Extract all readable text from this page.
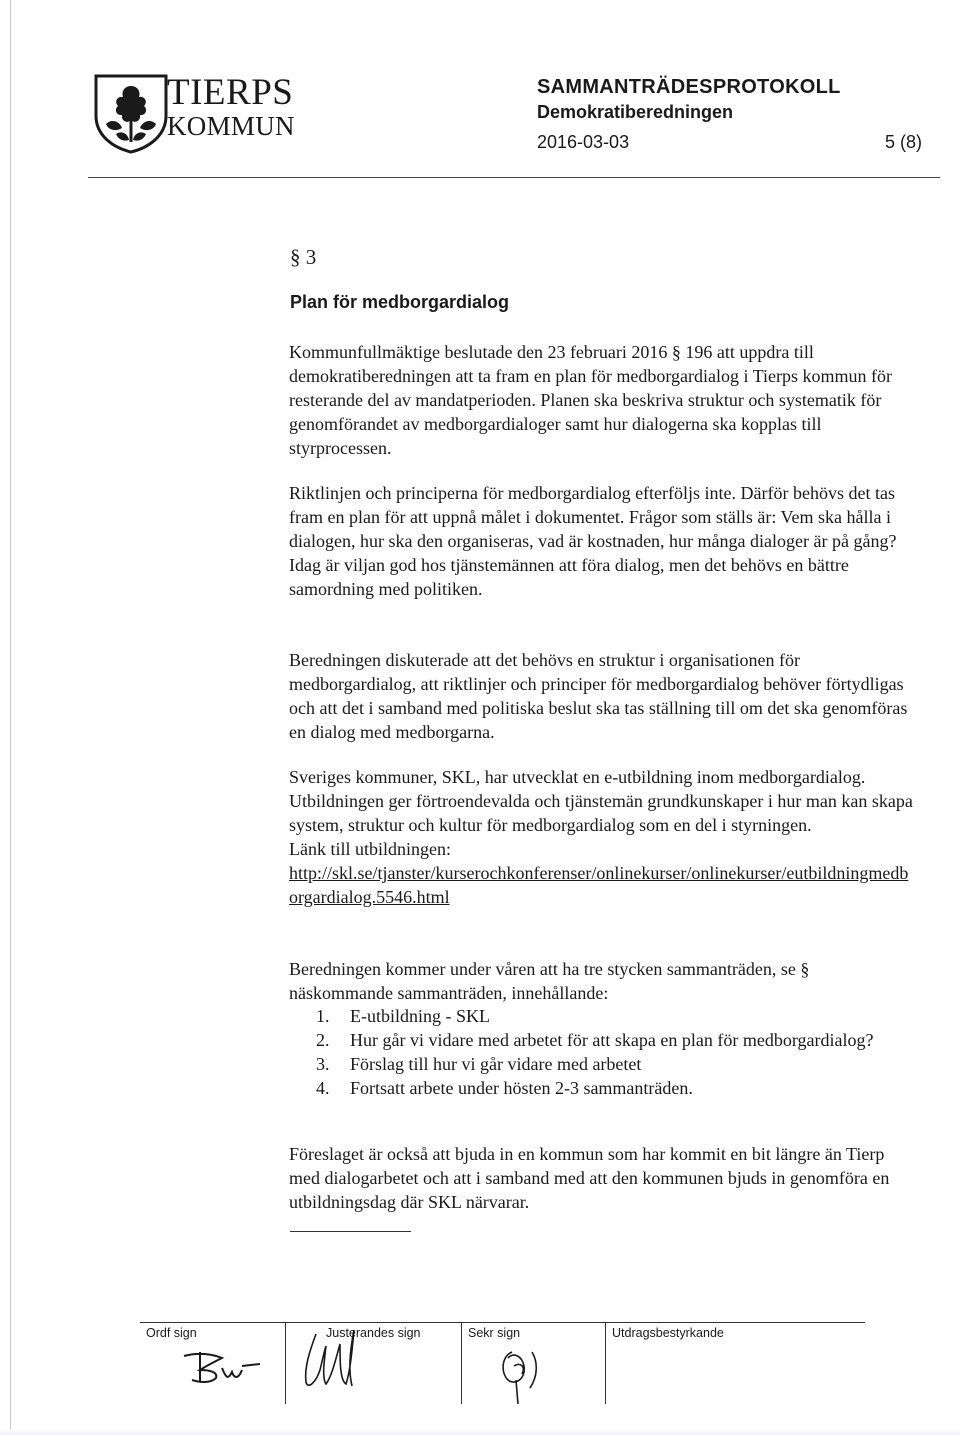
TIERPS
KOMMUN
SAMMANTRÄDESPROTOKOLL
Demokratiberedningen
2016-03-03	5 (8)
§ 3
Plan för medborgardialog

Kommunfullmäktige beslutade den 23 februari 2016 § 196 att uppdra till demokratiberedningen att ta fram en plan för medborgardialog i Tierps kommun för resterande del av mandatperioden. Planen ska beskriva struktur och systematik för genomförandet av medborgardialoger samt hur dialogerna ska kopplas till styrprocessen.

Riktlinjen och principerna för medborgardialog efterföljs inte. Därför behövs det tas fram en plan för att uppnå målet i dokumentet. Frågor som ställs är: Vem ska hålla i dialogen, hur ska den organiseras, vad är kostnaden, hur många dialoger är på gång? Idag är viljan god hos tjänstemännen att föra dialog, men det behövs en bättre samordning med politiken.

Beredningen diskuterade att det behövs en struktur i organisationen för medborgardialog, att riktlinjer och principer för medborgardialog behöver förtydligas och att det i samband med politiska beslut ska tas ställning till om det ska genomföras en dialog med medborgarna.

Sveriges kommuner, SKL, har utvecklat en e-utbildning inom medborgardialog. Utbildningen ger förtroendevalda och tjänstemän grundkunskaper i hur man kan skapa system, struktur och kultur för medborgardialog som en del i styrningen.
Länk till utbildningen:
http://skl.se/tjanster/kurserochkonferenser/onlinekurser/onlinekurser/eutbildningmedborgardialog.5546.html

Beredningen kommer under våren att ha tre stycken sammanträden, se § näskommande sammanträden, innehållande:

1. E-utbildning - SKL
2. Hur går vi vidare med arbetet för att skapa en plan för medborgardialog?
3. Förslag till hur vi går vidare med arbetet
4. Fortsatt arbete under hösten 2-3 sammanträden.

Föreslaget är också att bjuda in en kommun som har kommit en bit längre än Tierp med dialogarbetet och att i samband med att den kommunen bjuds in genomföra en utbildningsdag där SKL närvarar.

Ordf sign	Justerandes sign	Sekr sign	Utdragsbestyrkande
